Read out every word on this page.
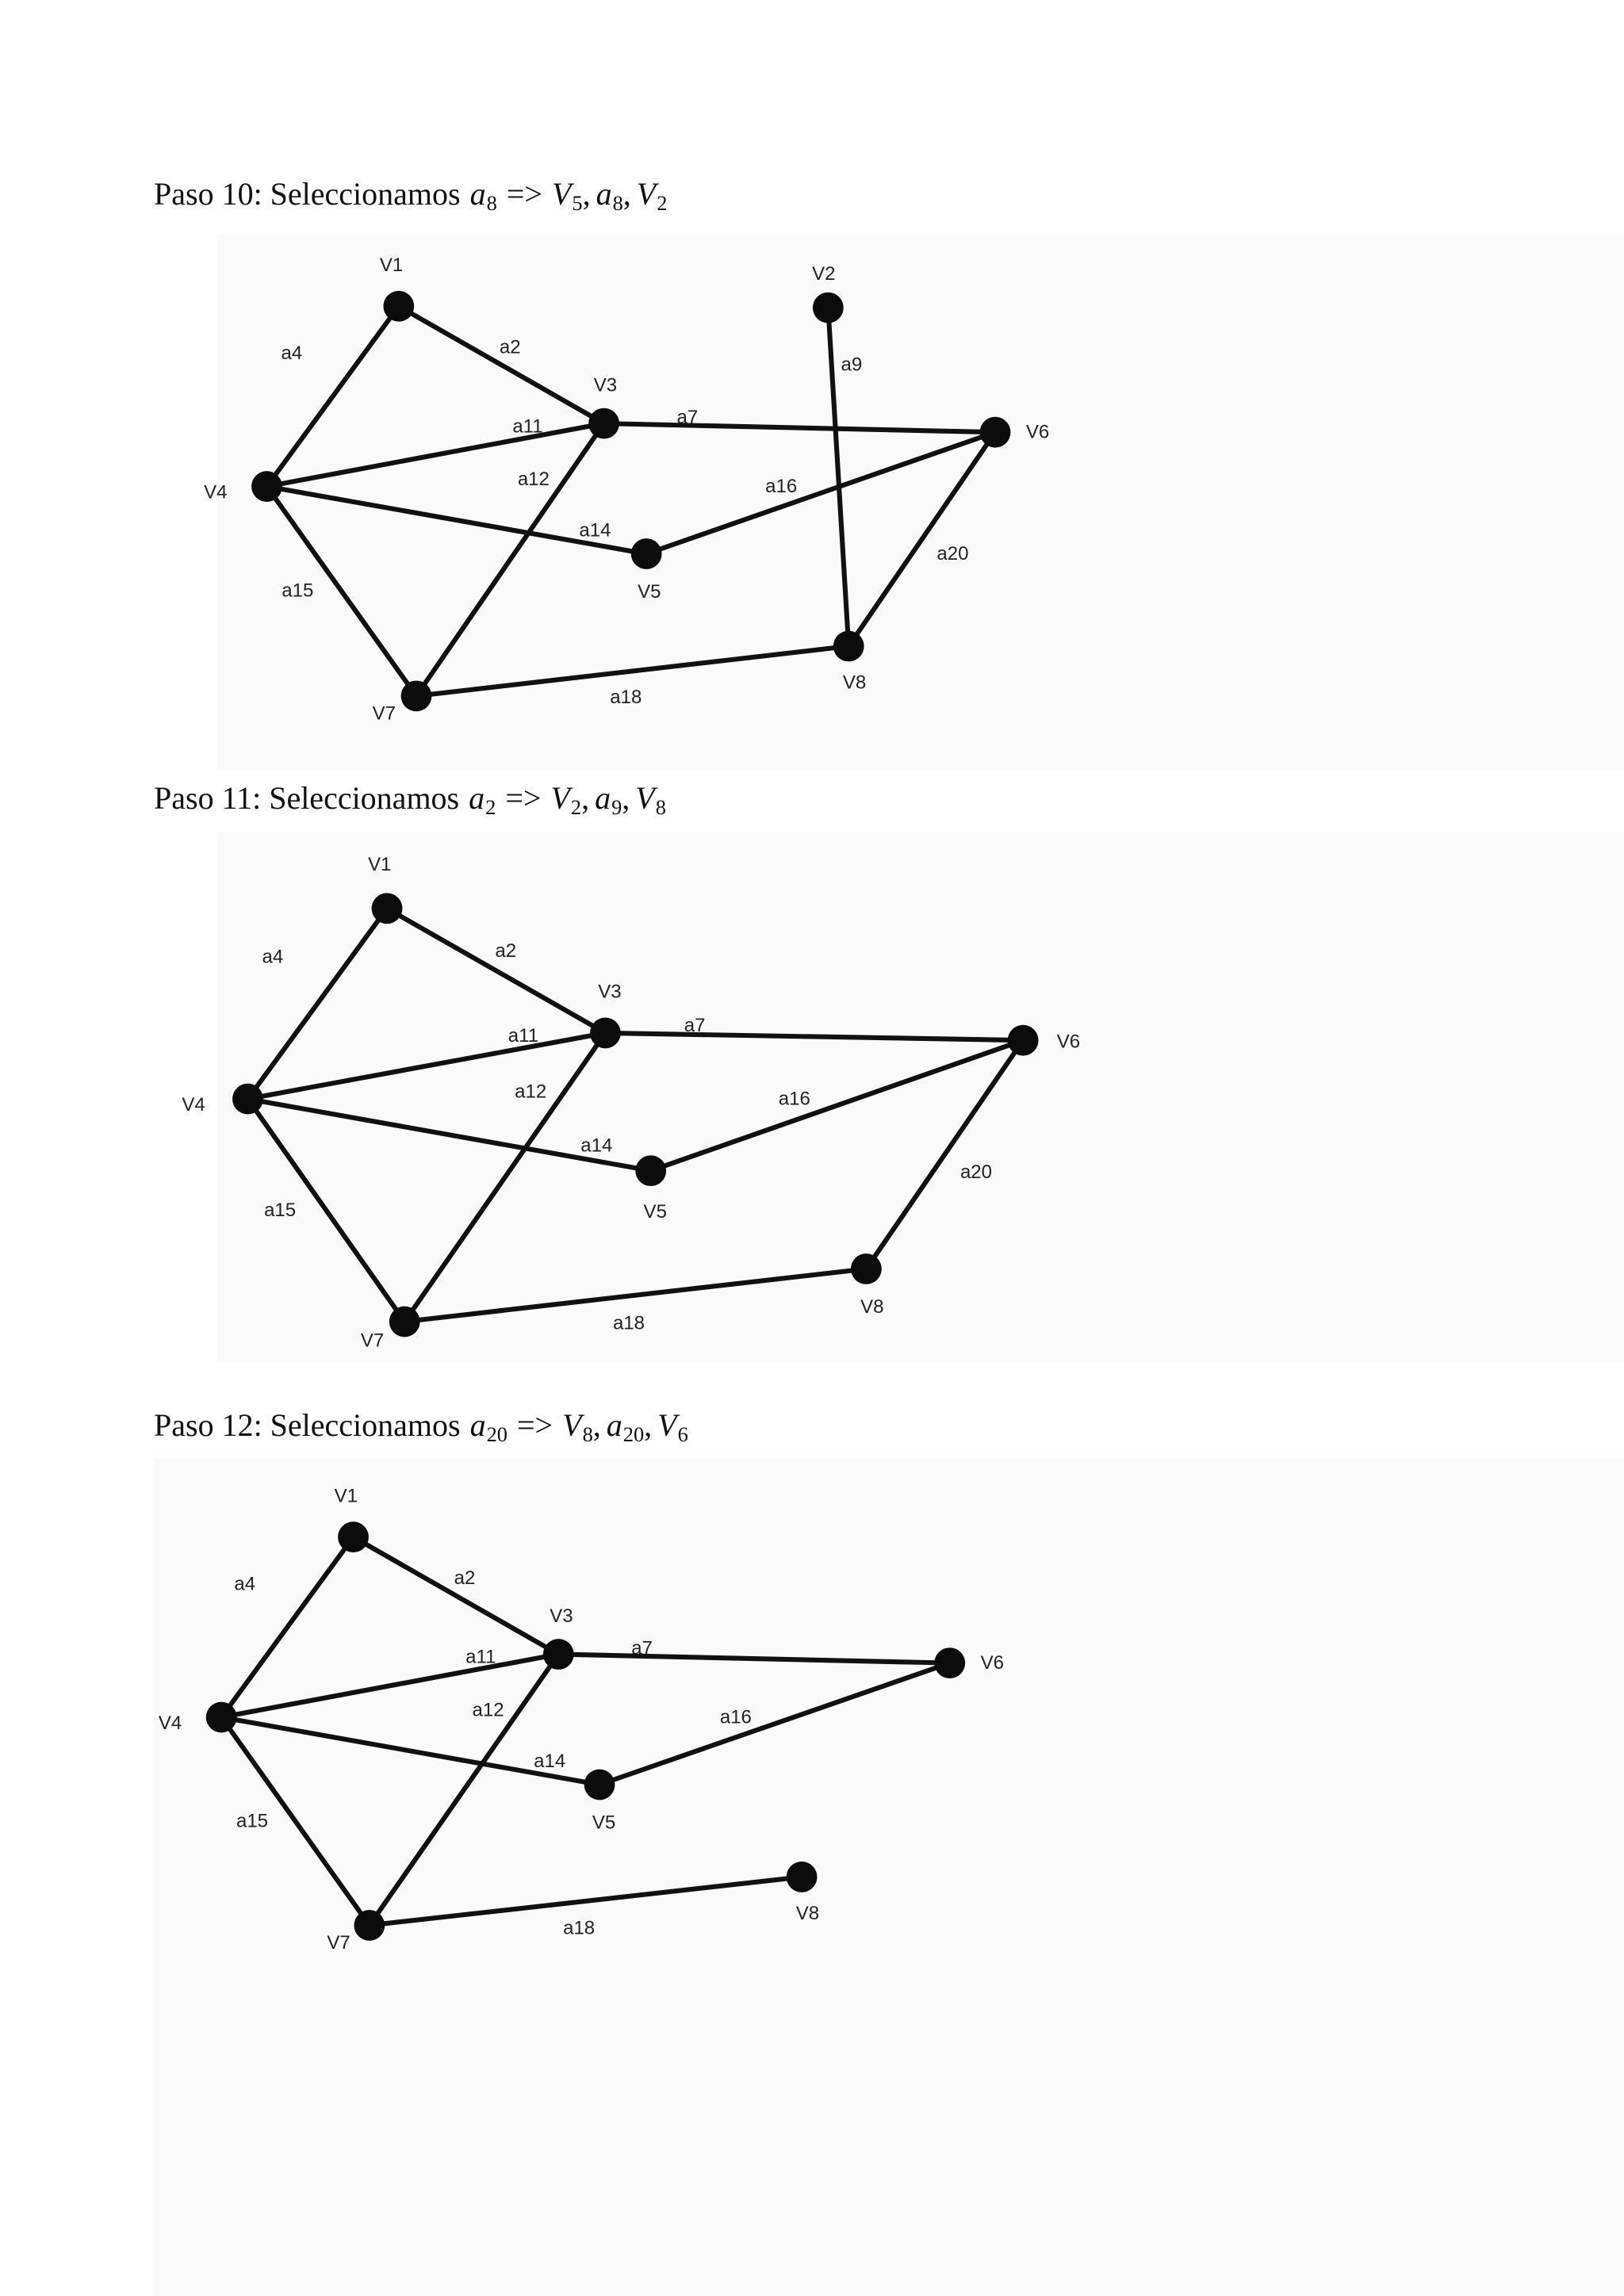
V1	V2
V3
V4
V5
V6
V7
V8
a4	a2
a11	a7
a12
a14
a16
a9
a20
a15
a18
V1
V3
V4
V5
V6
V7
V8
a4	a2
a11	a7
a12
a14
a16
a20
a15
a18
V1
V3
V4
V5
V6
V7
V8
a4	a2
a11	a7
a12
a14
a16
a15
a18
Paso 10: Seleccionamos $a_8 => V_5$, $a_8$, $V_2$
Paso 11: Seleccionamos $a_2 => V_2$, $a_9$, $V_8$
Paso 12: Seleccionamos $a_{20} => V_8$, $a_{20}$, $V_6$
